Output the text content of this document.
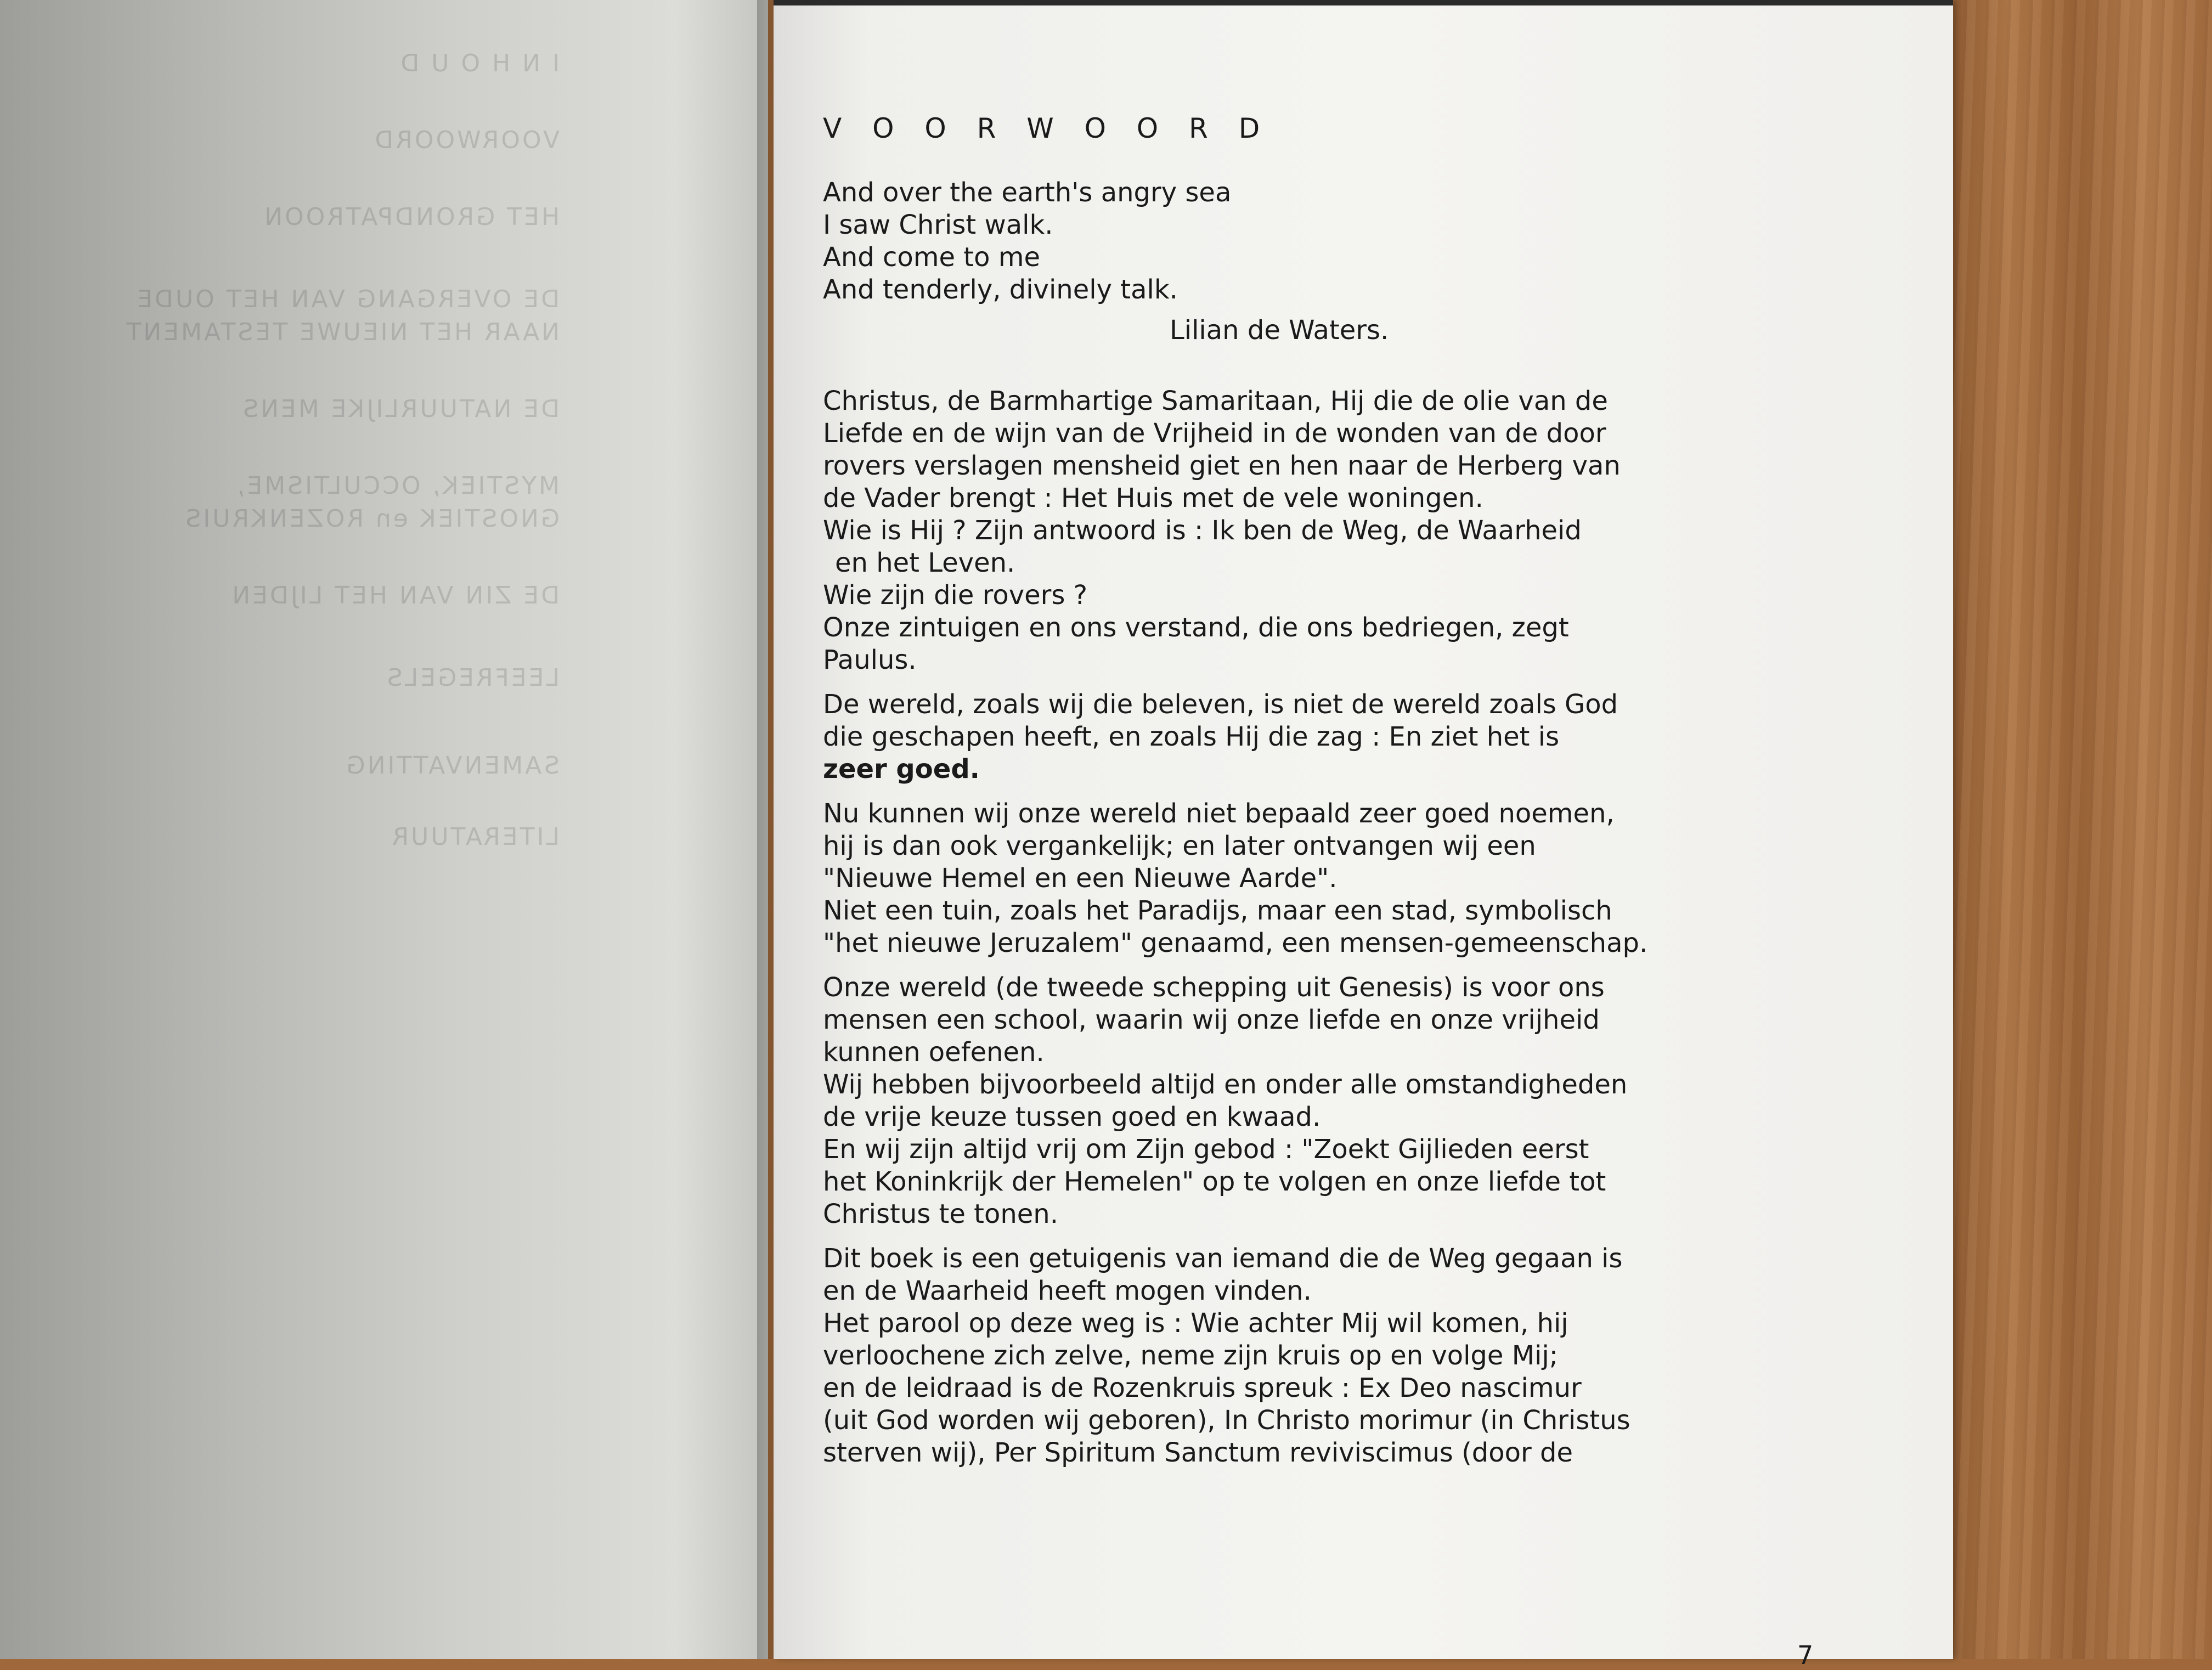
I N H O U D
VOORWOORD
HET GRONDPATROON
DE OVERGANG VAN HET OUDE
NAAR HET NIEUWE TESTAMENT
DE NATUURLIJKE MENS
MYSTIEK, OCCULTISME,
GNOSTIEK en ROZENKRUIS
DE ZIN VAN HET LIJDEN
LEEFREGELS
SAMENVATTING
LITERATUUR
V O O R W O O R D
And over the earth's angry sea
I saw Christ walk.
And come to me
And tenderly, divinely talk.
Lilian de Waters.
Christus, de Barmhartige Samaritaan, Hij die de olie van de
Liefde en de wijn van de Vrijheid in de wonden van de door
rovers verslagen mensheid giet en hen naar de Herberg van
de Vader brengt : Het Huis met de vele woningen.
Wie is Hij ? Zijn antwoord is : Ik ben de Weg, de Waarheid
en het Leven.
Wie zijn die rovers ?
Onze zintuigen en ons verstand, die ons bedriegen, zegt
Paulus.
De wereld, zoals wij die beleven, is niet de wereld zoals God
die geschapen heeft, en zoals Hij die zag : En ziet het is
zeer goed.
Nu kunnen wij onze wereld niet bepaald zeer goed noemen,
hij is dan ook vergankelijk; en later ontvangen wij een
"Nieuwe Hemel en een Nieuwe Aarde".
Niet een tuin, zoals het Paradijs, maar een stad, symbolisch
"het nieuwe Jeruzalem" genaamd, een mensen-gemeenschap.
Onze wereld (de tweede schepping uit Genesis) is voor ons
mensen een school, waarin wij onze liefde en onze vrijheid
kunnen oefenen.
Wij hebben bijvoorbeeld altijd en onder alle omstandigheden
de vrije keuze tussen goed en kwaad.
En wij zijn altijd vrij om Zijn gebod : "Zoekt Gijlieden eerst
het Koninkrijk der Hemelen" op te volgen en onze liefde tot
Christus te tonen.
Dit boek is een getuigenis van iemand die de Weg gegaan is
en de Waarheid heeft mogen vinden.
Het parool op deze weg is : Wie achter Mij wil komen, hij
verloochene zich zelve, neme zijn kruis op en volge Mij;
en de leidraad is de Rozenkruis spreuk : Ex Deo nascimur
(uit God worden wij geboren), In Christo morimur (in Christus
sterven wij), Per Spiritum Sanctum reviviscimus (door de
7
